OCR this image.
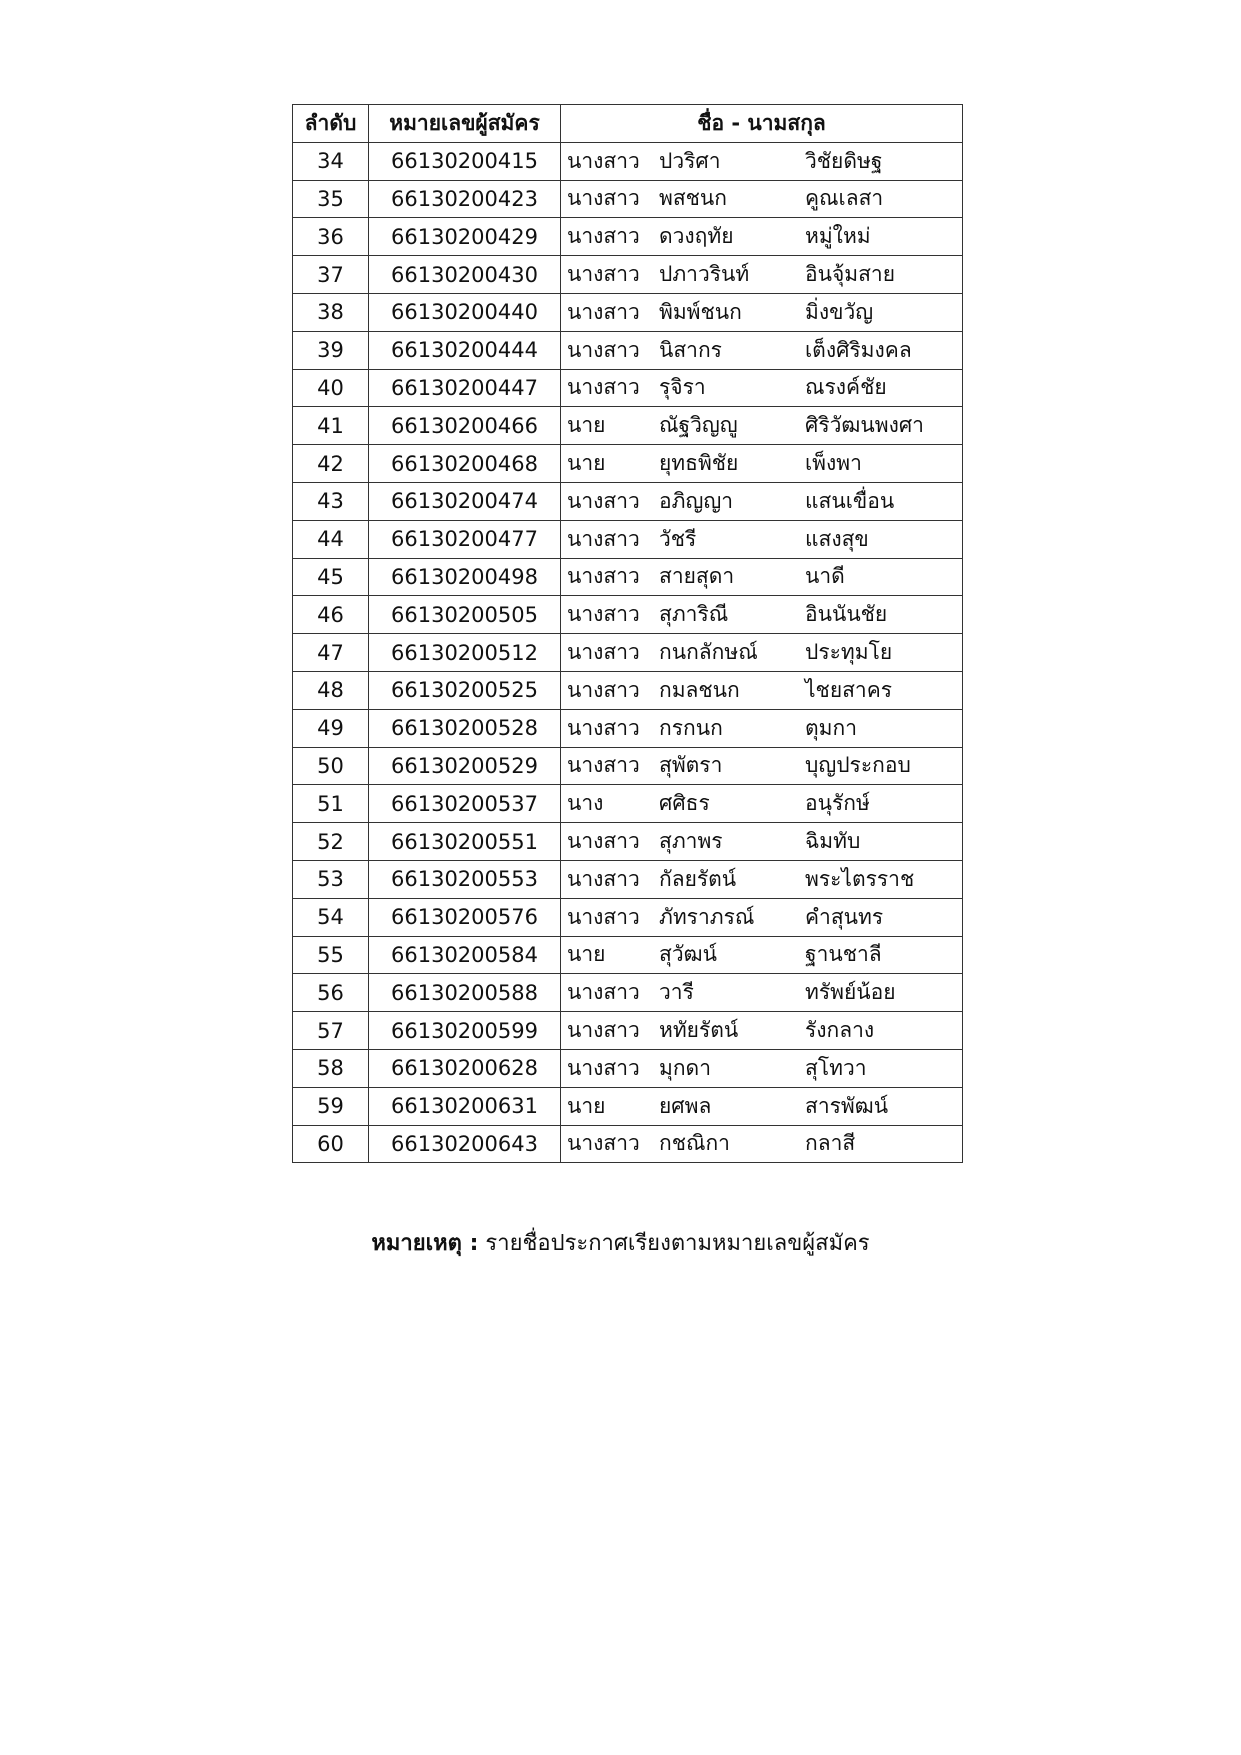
ลำดับ	หมายเลขผู้สมัคร	ชื่อ - นามสกุล
34	66130200415	นางสาว ปวริศา วิชัยดิษฐ

35	66130200423	นางสาว พสชนก คูณเลสา

36	66130200429	นางสาว ดวงฤทัย หมู่ใหม่

37	66130200430	นางสาว ปภาวรินท์ อินจุ้มสาย

38	66130200440	นางสาว พิมพ์ชนก มิ่งขวัญ

39	66130200444	นางสาว นิสากร เต็งศิริมงคล

40	66130200447	นางสาว รุจิรา ณรงค์ชัย

41	66130200466	นาย ณัฐวิญญู ศิริวัฒนพงศา

42	66130200468	นาย ยุทธพิชัย เพ็งพา

43	66130200474	นางสาว อภิญญา แสนเขื่อน

44	66130200477	นางสาว วัชรี แสงสุข

45	66130200498	นางสาว สายสุดา นาดี

46	66130200505	นางสาว สุภาริณี อินนันชัย

47	66130200512	นางสาว กนกลักษณ์ ประทุมโย

48	66130200525	นางสาว กมลชนก ไชยสาคร

49	66130200528	นางสาว กรกนก ตุมกา

50	66130200529	นางสาว สุพัตรา บุญประกอบ

51	66130200537	นาง ศศิธร อนุรักษ์

52	66130200551	นางสาว สุภาพร ฉิมทับ

53	66130200553	นางสาว กัลยรัตน์ พระไตรราช

54	66130200576	นางสาว ภัทราภรณ์ คำสุนทร

55	66130200584	นาย สุวัฒน์ ฐานชาลี

56	66130200588	นางสาว วารี ทรัพย์น้อย

57	66130200599	นางสาว หทัยรัตน์ รังกลาง

58	66130200628	นางสาว มุกดา สุโทวา

59	66130200631	นาย ยศพล สารพัฒน์

60	66130200643	นางสาว กชณิกา กลาสี
หมายเหตุ : รายชื่อประกาศเรียงตามหมายเลขผู้สมัคร
